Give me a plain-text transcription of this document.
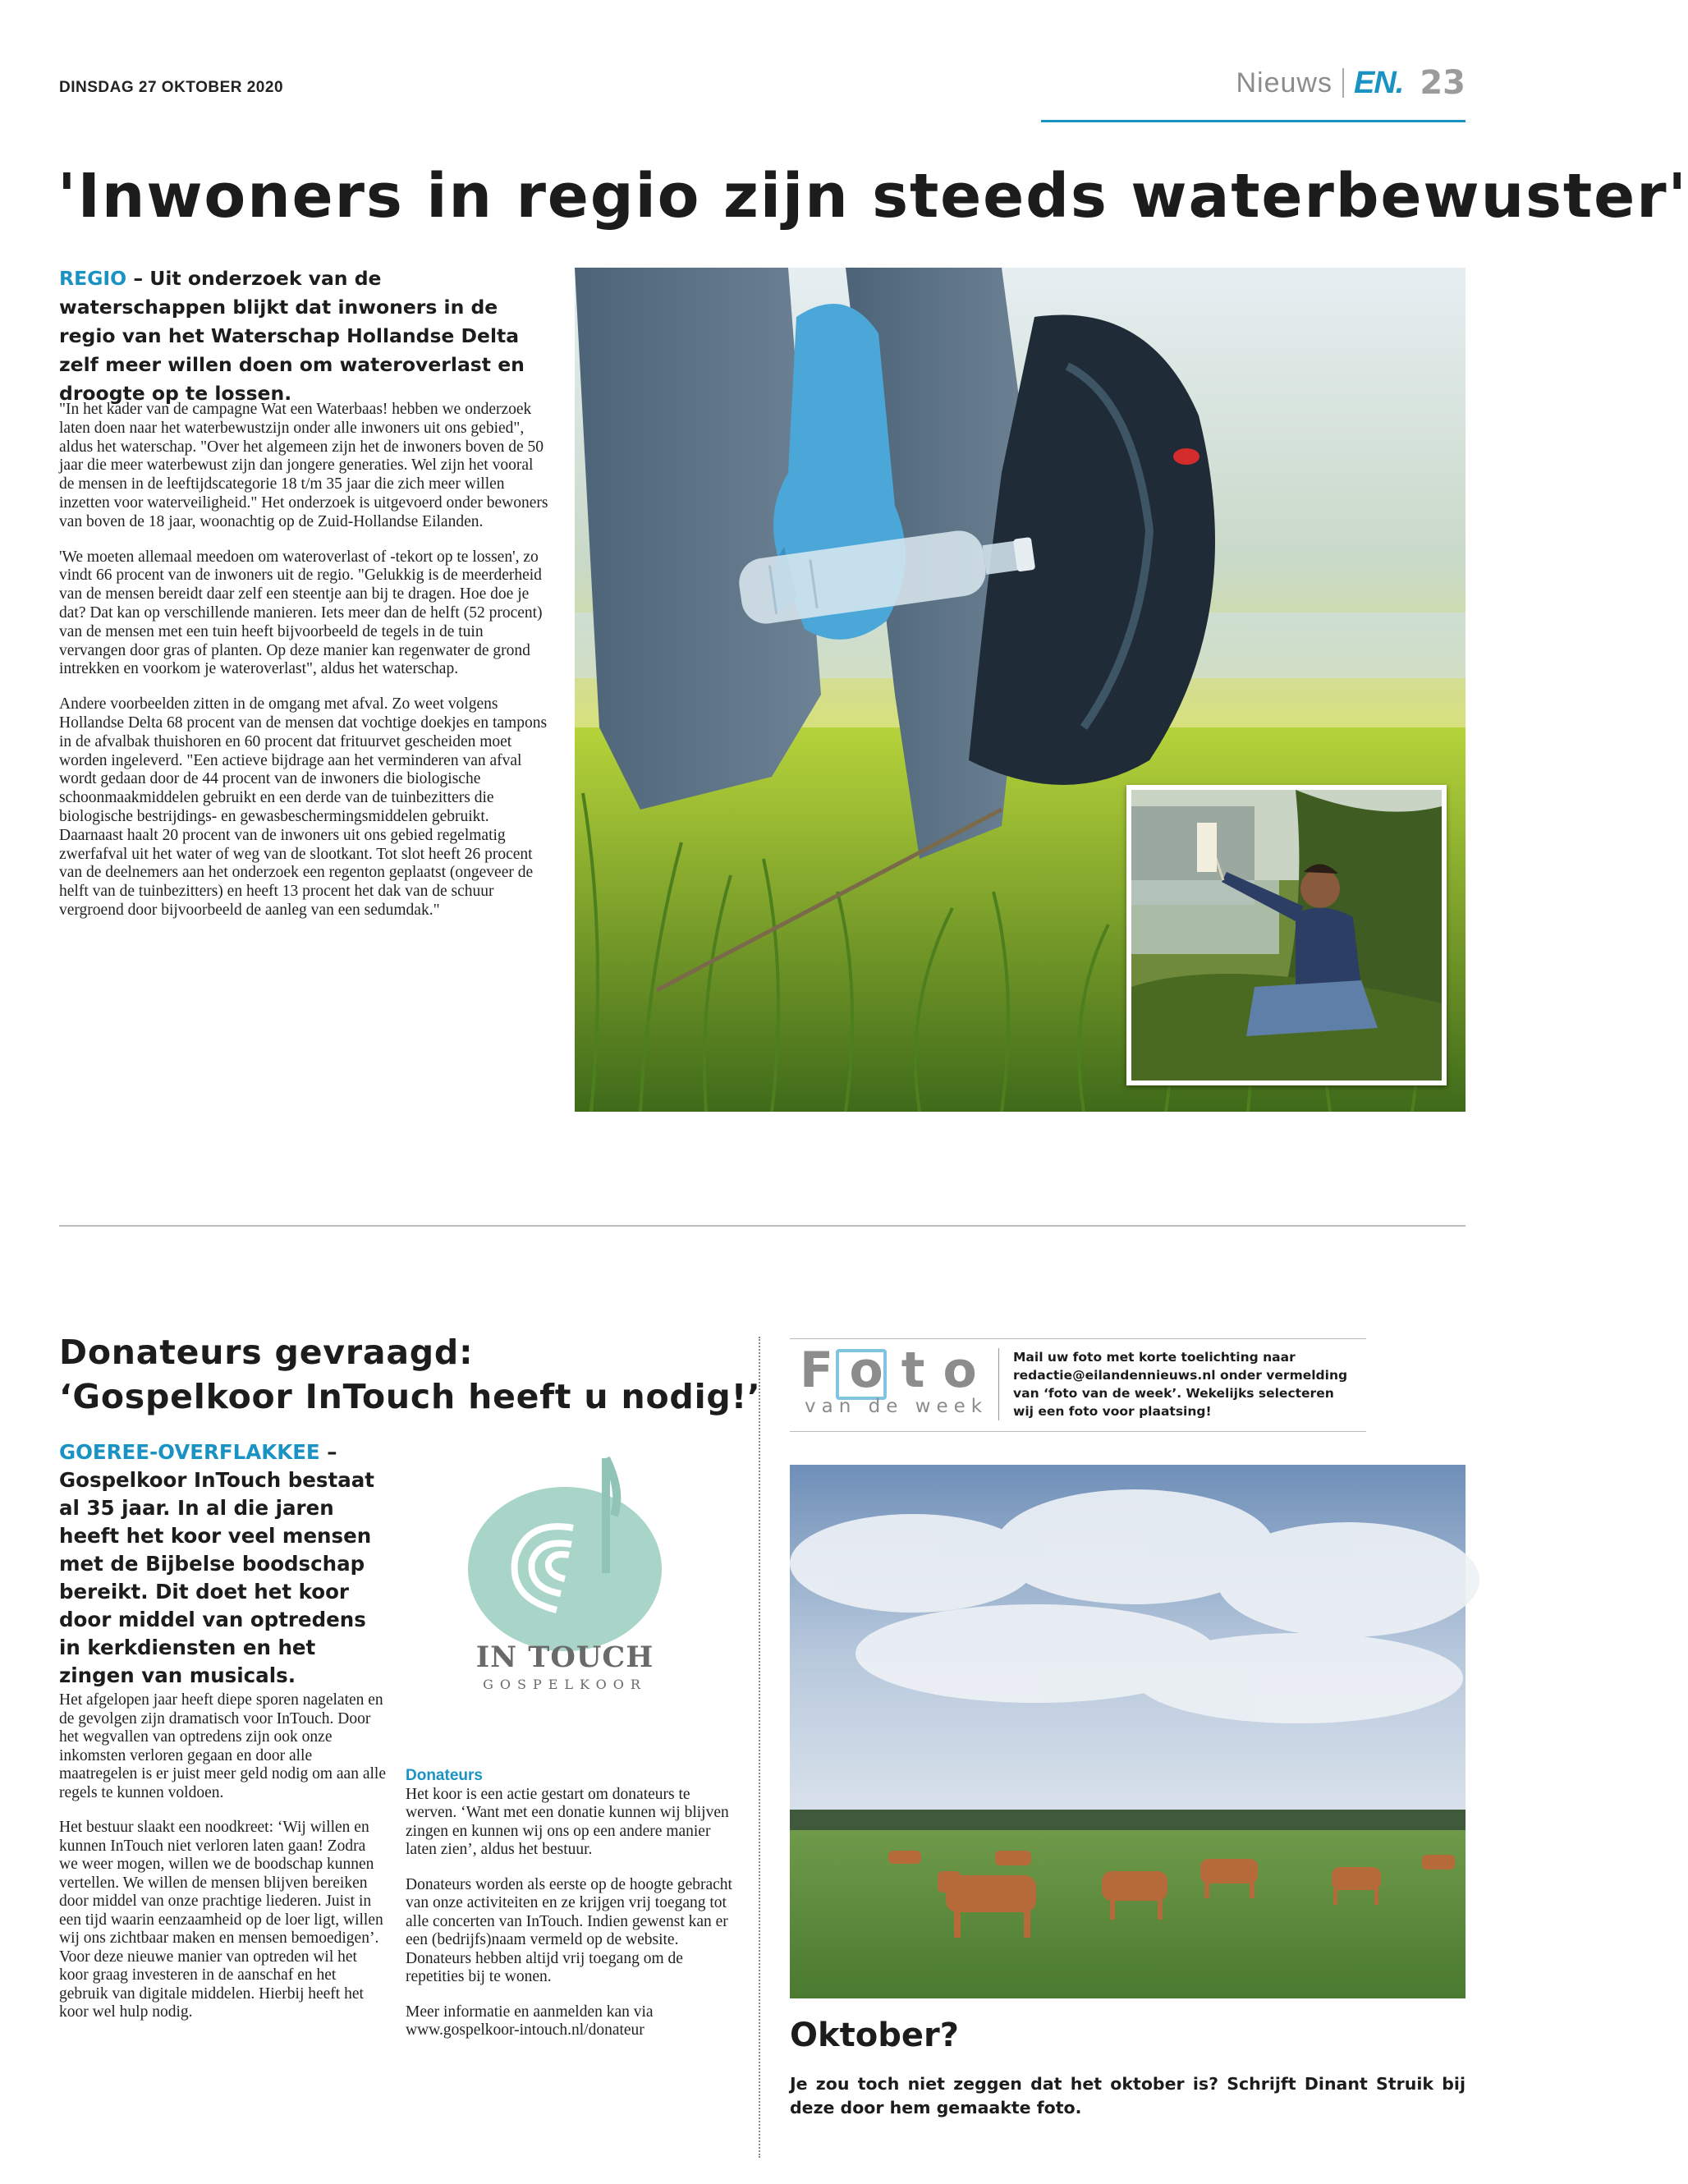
DINSDAG 27 OKTOBER 2020	Nieuws EN. 23
'Inwoners in regio zijn steeds waterbewuster'
REGIO – Uit onderzoek van de waterschappen blijkt dat inwoners in de regio van het Waterschap Hollandse Delta zelf meer willen doen om wateroverlast en droogte op te lossen.

"In het kader van de campagne Wat een Waterbaas! hebben we onderzoek laten doen naar het waterbewustzijn onder alle inwoners uit ons gebied", aldus het waterschap. "Over het algemeen zijn het de inwoners boven de 50 jaar die meer waterbewust zijn dan jongere generaties. Wel zijn het vooral de mensen in de leeftijdscategorie 18 t/m 35 jaar die zich meer willen inzetten voor waterveiligheid." Het onderzoek is uitgevoerd onder bewoners van boven de 18 jaar, woonachtig op de Zuid-Hollandse Eilanden.

'We moeten allemaal meedoen om wateroverlast of -tekort op te lossen', zo vindt 66 procent van de inwoners uit de regio. "Gelukkig is de meerderheid van de mensen bereidt daar zelf een steentje aan bij te dragen. Hoe doe je dat? Dat kan op verschillende manieren. Iets meer dan de helft (52 procent) van de mensen met een tuin heeft bijvoorbeeld de tegels in de tuin vervangen door gras of planten. Op deze manier kan regenwater de grond intrekken en voorkom je wateroverlast", aldus het waterschap.

Andere voorbeelden zitten in de omgang met afval. Zo weet volgens Hollandse Delta 68 procent van de mensen dat vochtige doekjes en tampons in de afvalbak thuishoren en 60 procent dat frituurvet gescheiden moet worden ingeleverd. "Een actieve bijdrage aan het verminderen van afval wordt gedaan door de 44 procent van de inwoners die biologische schoonmaakmiddelen gebruikt en een derde van de tuinbezitters die biologische bestrijdings- en gewasbeschermingsmiddelen gebruikt. Daarnaast haalt 20 procent van de inwoners uit ons gebied regelmatig zwerfafval uit het water of weg van de slootkant. Tot slot heeft 26 procent van de deelnemers aan het onderzoek een regenton geplaatst (ongeveer de helft van de tuinbezitters) en heeft 13 procent het dak van de schuur vergroend door bijvoorbeeld de aanleg van een sedumdak."

Donateurs gevraagd:
‘Gospelkoor InTouch heeft u nodig!’
GOEREE-OVERFLAKKEE – Gospelkoor InTouch bestaat al 35 jaar. In al die jaren heeft het koor veel mensen met de Bijbelse boodschap bereikt. Dit doet het koor door middel van optredens in kerkdiensten en het zingen van musicals.
IN TOUCH
GOSPELKOOR

Het afgelopen jaar heeft diepe sporen nagelaten en de gevolgen zijn dramatisch voor InTouch. Door het wegvallen van optredens zijn ook onze inkomsten verloren gegaan en door alle maatregelen is er juist meer geld nodig om aan alle regels te kunnen voldoen.

Het bestuur slaakt een noodkreet: ‘Wij willen en kunnen InTouch niet verloren laten gaan! Zodra we weer mogen, willen we de boodschap kunnen vertellen. We willen de mensen blijven bereiken door middel van onze prachtige liederen. Juist in een tijd waarin eenzaamheid op de loer ligt, willen wij ons zichtbaar maken en mensen bemoedigen’. Voor deze nieuwe manier van optreden wil het koor graag investeren in de aanschaf en het gebruik van digitale middelen. Hierbij heeft het koor wel hulp nodig.

Donateurs

Het koor is een actie gestart om donateurs te werven. ‘Want met een donatie kunnen wij blijven zingen en kunnen wij ons op een andere manier laten zien’, aldus het bestuur.

Donateurs worden als eerste op de hoogte gebracht van onze activiteiten en ze krijgen vrij toegang tot alle concerten van InTouch. Indien gewenst kan er een (bedrijfs)naam vermeld op de website. Donateurs hebben altijd vrij toegang om de repetities bij te wonen.

Meer informatie en aanmelden kan via www.gospelkoor-intouch.nl/donateur

Foto
van de week
Mail uw foto met korte toelichting naar redactie@eilandennieuws.nl onder vermelding van ‘foto van de week’. Wekelijks selecteren wij een foto voor plaatsing!
Oktober?
Je zou toch niet zeggen dat het oktober is? Schrijft Dinant Struik bij deze door hem gemaakte foto.
